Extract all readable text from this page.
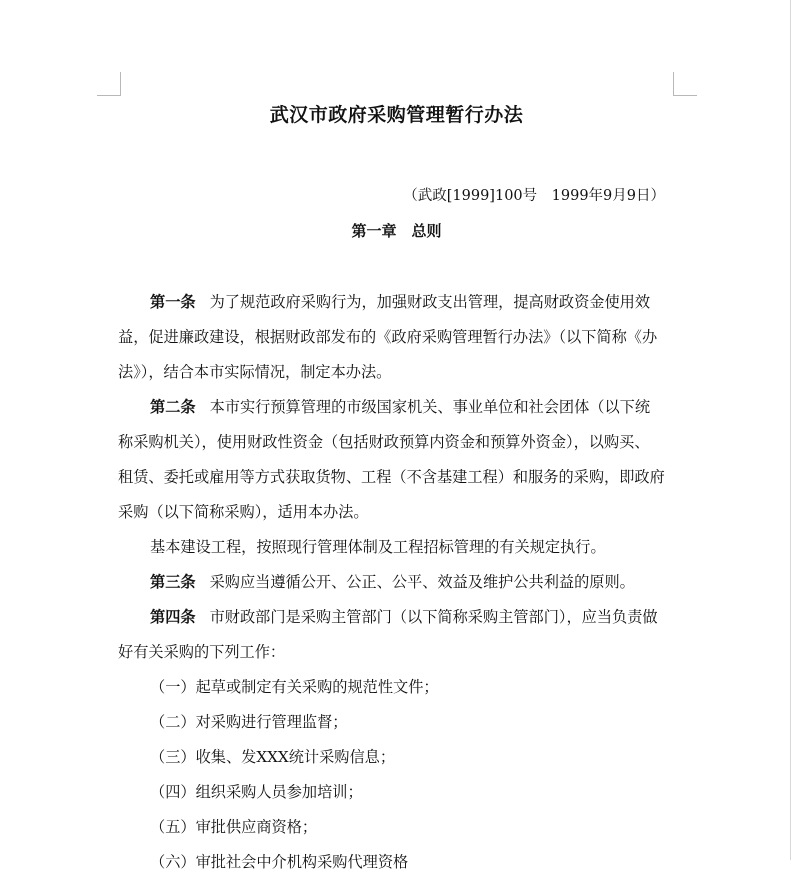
武汉市政府采购管理暂行办法
（武政[1999]100号　1999年9月9日）
第一章　总则
第一条 为了规范政府采购行为，加强财政支出管理，提高财政资金使用效
益，促进廉政建设，根据财政部发布的《政府采购管理暂行办法》（以下简称《办
法》），结合本市实际情况，制定本办法。
第二条 本市实行预算管理的市级国家机关、事业单位和社会团体（以下统
称采购机关），使用财政性资金（包括财政预算内资金和预算外资金），以购买、
租赁、委托或雇用等方式获取货物、工程（不含基建工程）和服务的采购，即政府
采购（以下简称采购），适用本办法。
基本建设工程，按照现行管理体制及工程招标管理的有关规定执行。
第三条 采购应当遵循公开、公正、公平、效益及维护公共利益的原则。
第四条 市财政部门是采购主管部门（以下简称采购主管部门），应当负责做
好有关采购的下列工作：
（一）起草或制定有关采购的规范性文件；
（二）对采购进行管理监督；
（三）收集、发XXX统计采购信息；
（四）组织采购人员参加培训；
（五）审批供应商资格；
（六）审批社会中介机构采购代理资格
